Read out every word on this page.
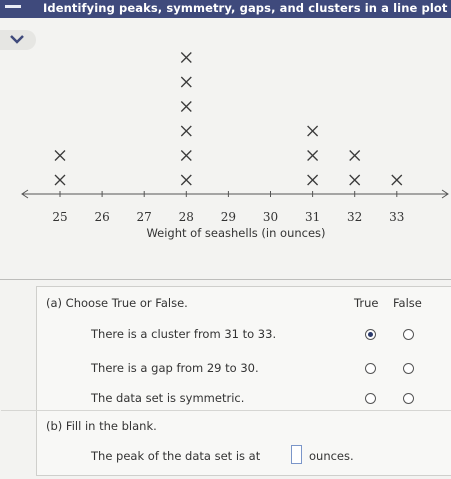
Identifying peaks, symmetry, gaps, and clusters in a line plot
25 26 27 28 29 30 31 32 33
Weight of seashells (in ounces)
(a) Choose True or False.	True False
There is a cluster from 31 to 33.
There is a gap from 29 to 30.
The data set is symmetric.
(b) Fill in the blank.
The peak of the data set is at	ounces.
